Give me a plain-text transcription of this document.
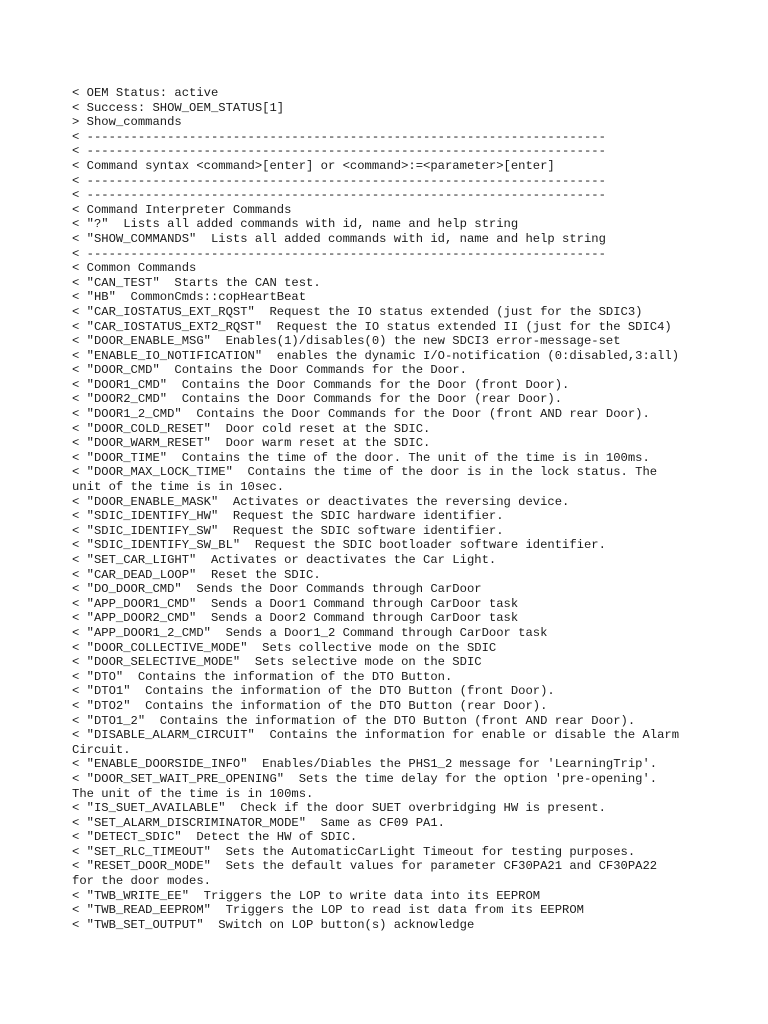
< OEM Status: active
< Success: SHOW_OEM_STATUS[1]
> Show_commands
< -----------------------------------------------------------------------
< -----------------------------------------------------------------------
< Command syntax <command>[enter] or <command>:=<parameter>[enter]
< -----------------------------------------------------------------------
< -----------------------------------------------------------------------
< Command Interpreter Commands
< "?"  Lists all added commands with id, name and help string
< "SHOW_COMMANDS"  Lists all added commands with id, name and help string
< -----------------------------------------------------------------------
< Common Commands
< "CAN_TEST"  Starts the CAN test.
< "HB"  CommonCmds::copHeartBeat
< "CAR_IOSTATUS_EXT_RQST"  Request the IO status extended (just for the SDIC3)
< "CAR_IOSTATUS_EXT2_RQST"  Request the IO status extended II (just for the SDIC4)
< "DOOR_ENABLE_MSG"  Enables(1)/disables(0) the new SDCI3 error-message-set
< "ENABLE_IO_NOTIFICATION"  enables the dynamic I/O-notification (0:disabled,3:all)
< "DOOR_CMD"  Contains the Door Commands for the Door.
< "DOOR1_CMD"  Contains the Door Commands for the Door (front Door).
< "DOOR2_CMD"  Contains the Door Commands for the Door (rear Door).
< "DOOR1_2_CMD"  Contains the Door Commands for the Door (front AND rear Door).
< "DOOR_COLD_RESET"  Door cold reset at the SDIC.
< "DOOR_WARM_RESET"  Door warm reset at the SDIC.
< "DOOR_TIME"  Contains the time of the door. The unit of the time is in 100ms.
< "DOOR_MAX_LOCK_TIME"  Contains the time of the door is in the lock status. The
unit of the time is in 10sec.
< "DOOR_ENABLE_MASK"  Activates or deactivates the reversing device.
< "SDIC_IDENTIFY_HW"  Request the SDIC hardware identifier.
< "SDIC_IDENTIFY_SW"  Request the SDIC software identifier.
< "SDIC_IDENTIFY_SW_BL"  Request the SDIC bootloader software identifier.
< "SET_CAR_LIGHT"  Activates or deactivates the Car Light.
< "CAR_DEAD_LOOP"  Reset the SDIC.
< "DO_DOOR_CMD"  Sends the Door Commands through CarDoor
< "APP_DOOR1_CMD"  Sends a Door1 Command through CarDoor task
< "APP_DOOR2_CMD"  Sends a Door2 Command through CarDoor task
< "APP_DOOR1_2_CMD"  Sends a Door1_2 Command through CarDoor task
< "DOOR_COLLECTIVE_MODE"  Sets collective mode on the SDIC
< "DOOR_SELECTIVE_MODE"  Sets selective mode on the SDIC
< "DTO"  Contains the information of the DTO Button.
< "DTO1"  Contains the information of the DTO Button (front Door).
< "DTO2"  Contains the information of the DTO Button (rear Door).
< "DTO1_2"  Contains the information of the DTO Button (front AND rear Door).
< "DISABLE_ALARM_CIRCUIT"  Contains the information for enable or disable the Alarm
Circuit.
< "ENABLE_DOORSIDE_INFO"  Enables/Diables the PHS1_2 message for 'LearningTrip'.
< "DOOR_SET_WAIT_PRE_OPENING"  Sets the time delay for the option 'pre-opening'.
The unit of the time is in 100ms.
< "IS_SUET_AVAILABLE"  Check if the door SUET overbridging HW is present.
< "SET_ALARM_DISCRIMINATOR_MODE"  Same as CF09 PA1.
< "DETECT_SDIC"  Detect the HW of SDIC.
< "SET_RLC_TIMEOUT"  Sets the AutomaticCarLight Timeout for testing purposes.
< "RESET_DOOR_MODE"  Sets the default values for parameter CF30PA21 and CF30PA22
for the door modes.
< "TWB_WRITE_EE"  Triggers the LOP to write data into its EEPROM
< "TWB_READ_EEPROM"  Triggers the LOP to read ist data from its EEPROM
< "TWB_SET_OUTPUT"  Switch on LOP button(s) acknowledge
